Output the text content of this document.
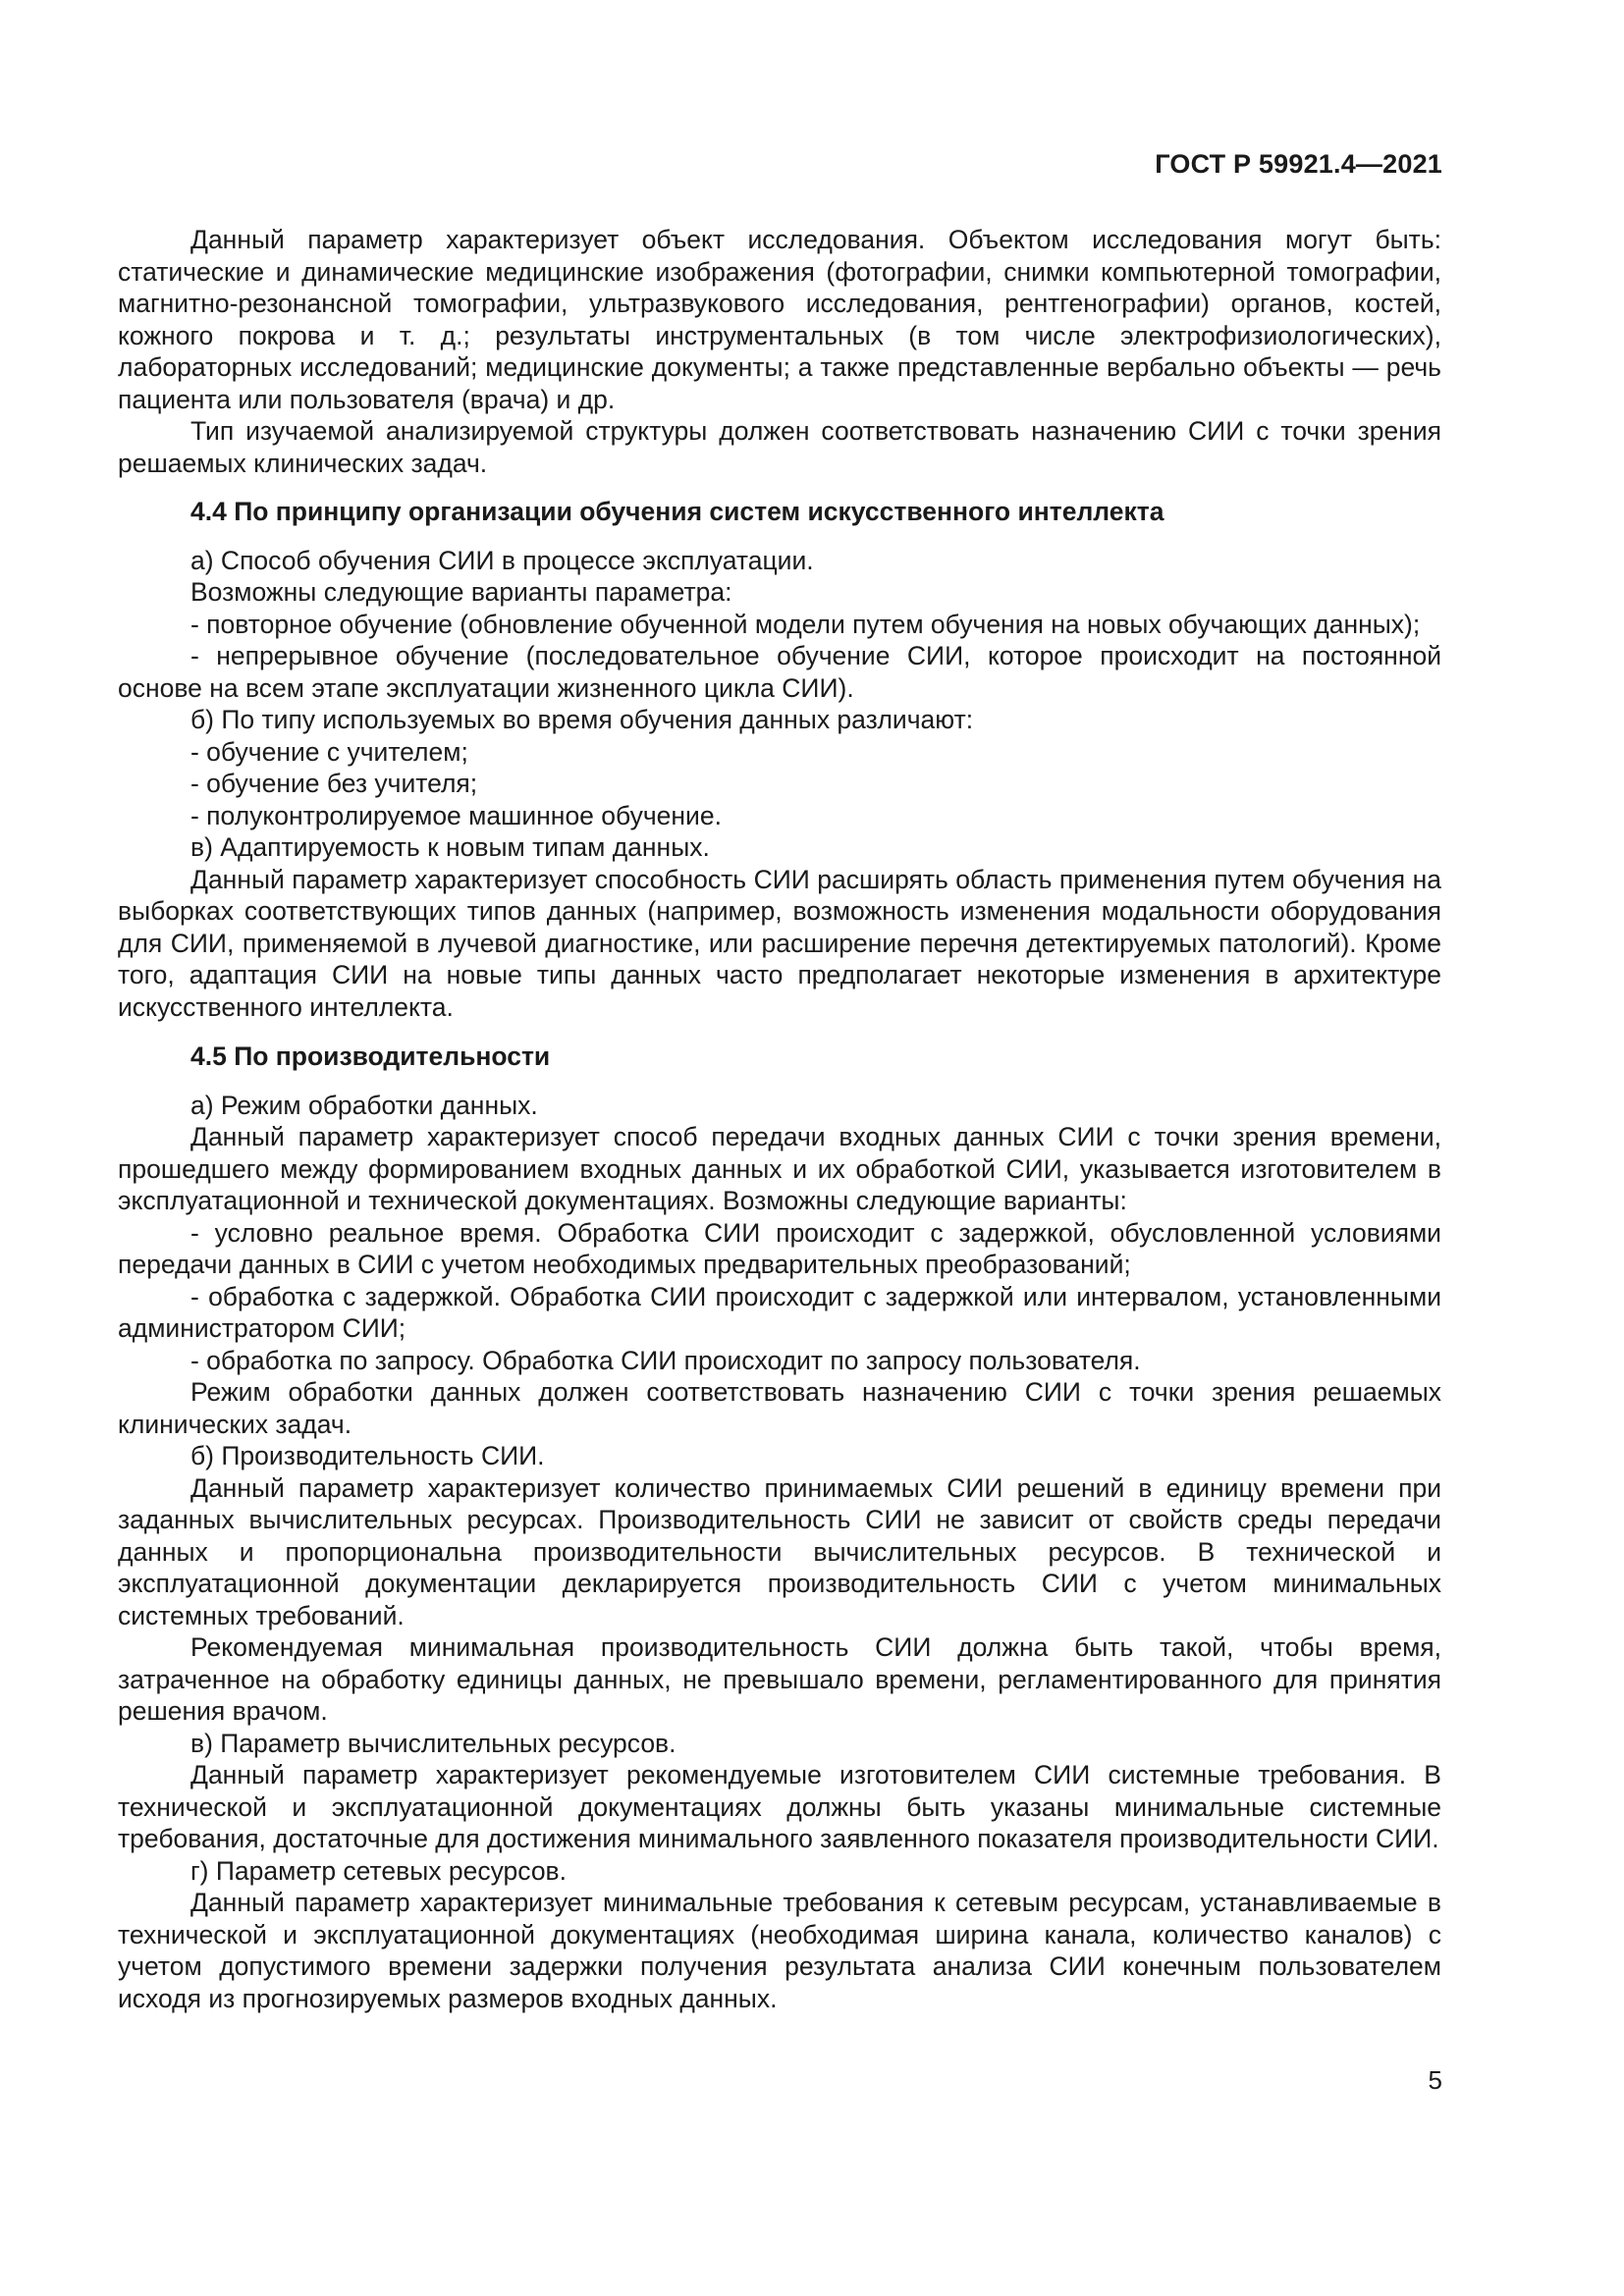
ГОСТ Р 59921.4—2021

Данный параметр характеризует объект исследования. Объектом исследования могут быть: статические и динамические медицинские изображения (фотографии, снимки компьютерной томографии, магнитно-резонансной томографии, ультразвукового исследования, рентгенографии) органов, костей, кожного покрова и т. д.; результаты инструментальных (в том числе электрофизиологических), лабораторных исследований; медицинские документы; а также представленные вербально объекты — речь пациента или пользователя (врача) и др.

Тип изучаемой анализируемой структуры должен соответствовать назначению СИИ с точки зрения решаемых клинических задач.

4.4 По принципу организации обучения систем искусственного интеллекта

а) Способ обучения СИИ в процессе эксплуатации.

Возможны следующие варианты параметра:

- повторное обучение (обновление обученной модели путем обучения на новых обучающих данных);

- непрерывное обучение (последовательное обучение СИИ, которое происходит на постоянной основе на всем этапе эксплуатации жизненного цикла СИИ).

б) По типу используемых во время обучения данных различают:

- обучение с учителем;

- обучение без учителя;

- полуконтролируемое машинное обучение.

в) Адаптируемость к новым типам данных.

Данный параметр характеризует способность СИИ расширять область применения путем обучения на выборках соответствующих типов данных (например, возможность изменения модальности оборудования для СИИ, применяемой в лучевой диагностике, или расширение перечня детектируемых патологий). Кроме того, адаптация СИИ на новые типы данных часто предполагает некоторые изменения в архитектуре искусственного интеллекта.

4.5 По производительности

а) Режим обработки данных.

Данный параметр характеризует способ передачи входных данных СИИ с точки зрения времени, прошедшего между формированием входных данных и их обработкой СИИ, указывается изготовителем в эксплуатационной и технической документациях. Возможны следующие варианты:

- условно реальное время. Обработка СИИ происходит с задержкой, обусловленной условиями передачи данных в СИИ с учетом необходимых предварительных преобразований;

- обработка с задержкой. Обработка СИИ происходит с задержкой или интервалом, установленными администратором СИИ;

- обработка по запросу. Обработка СИИ происходит по запросу пользователя.

Режим обработки данных должен соответствовать назначению СИИ с точки зрения решаемых клинических задач.

б) Производительность СИИ.

Данный параметр характеризует количество принимаемых СИИ решений в единицу времени при заданных вычислительных ресурсах. Производительность СИИ не зависит от свойств среды передачи данных и пропорциональна производительности вычислительных ресурсов. В технической и эксплуатационной документации декларируется производительность СИИ с учетом минимальных системных требований.

Рекомендуемая минимальная производительность СИИ должна быть такой, чтобы время, затраченное на обработку единицы данных, не превышало времени, регламентированного для принятия решения врачом.

в) Параметр вычислительных ресурсов.

Данный параметр характеризует рекомендуемые изготовителем СИИ системные требования. В технической и эксплуатационной документациях должны быть указаны минимальные системные требования, достаточные для достижения минимального заявленного показателя производительности СИИ.

г) Параметр сетевых ресурсов.

Данный параметр характеризует минимальные требования к сетевым ресурсам, устанавливаемые в технической и эксплуатационной документациях (необходимая ширина канала, количество каналов) с учетом допустимого времени задержки получения результата анализа СИИ конечным пользователем исходя из прогнозируемых размеров входных данных.

5
